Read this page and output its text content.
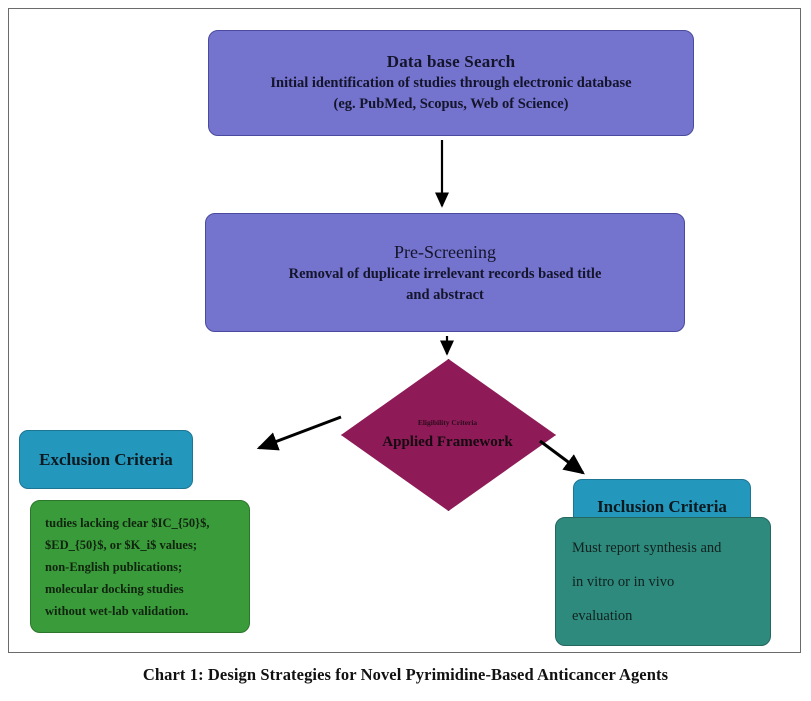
Data base Search
Initial identification of studies through electronic database
(eg. PubMed, Scopus, Web of Science)
Pre-Screening
Removal of duplicate irrelevant records based title
and abstract
Eligibility Criteria
Applied Framework
Exclusion Criteria
tudies lacking clear $IC_{50}$,
$ED_{50}$, or $K_i$ values;
non-English publications;
molecular docking studies
without wet-lab validation.
Inclusion Criteria
Must report synthesis and
in vitro or in vivo
evaluation
Chart 1: Design Strategies for Novel Pyrimidine-Based Anticancer Agents
